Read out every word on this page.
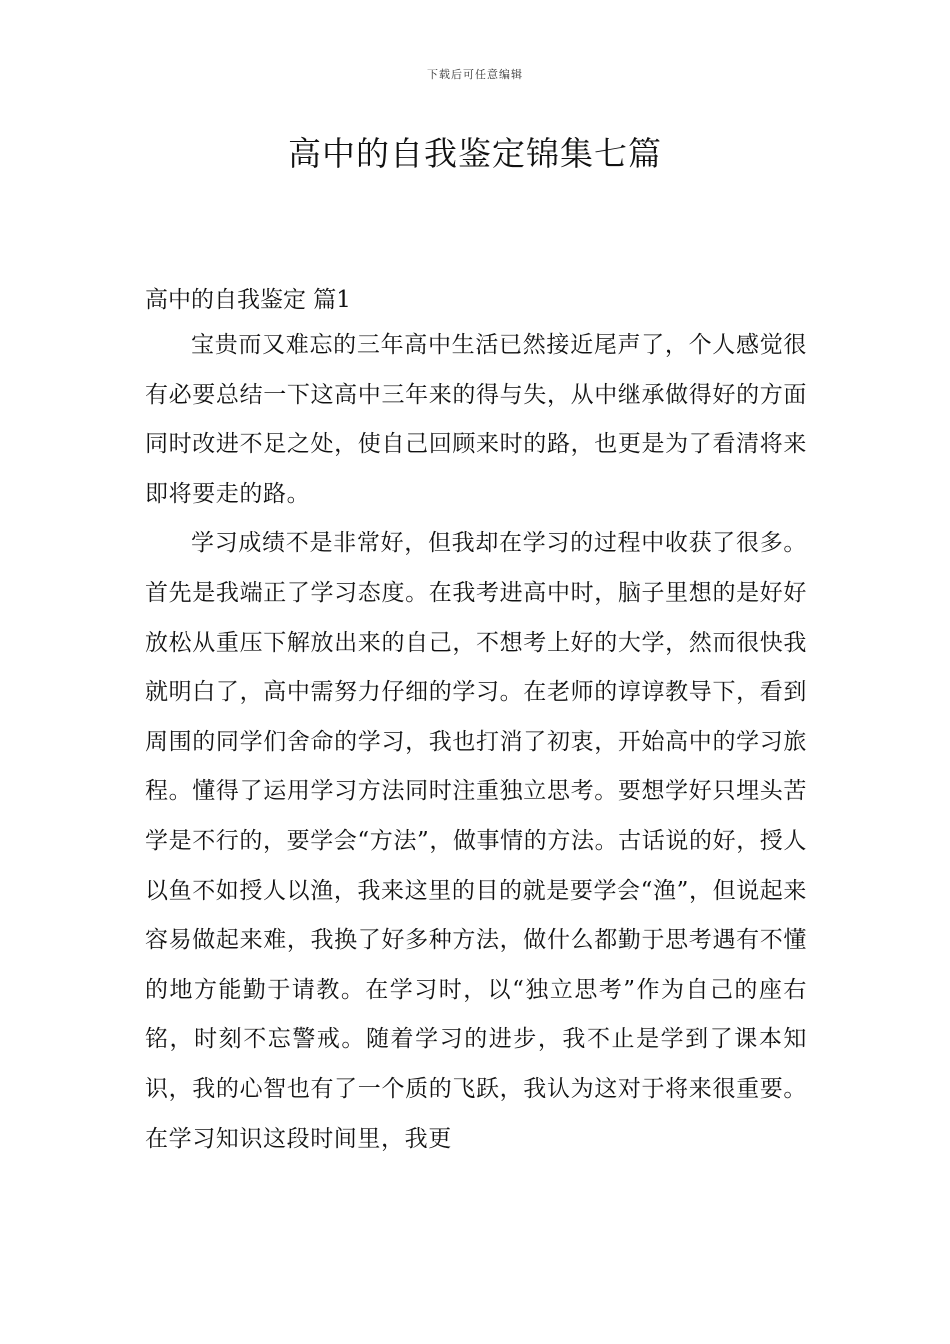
下载后可任意编辑
高中的自我鉴定锦集七篇
高中的自我鉴定 篇1

宝贵而又难忘的三年高中生活已然接近尾声了，个人感觉很有必要总结一下这高中三年来的得与失，从中继承做得好的方面同时改进不足之处，使自己回顾来时的路，也更是为了看清将来即将要走的路。

学习成绩不是非常好，但我却在学习的过程中收获了很多。首先是我端正了学习态度。在我考进高中时，脑子里想的是好好放松从重压下解放出来的自己，不想考上好的大学，然而很快我就明白了，高中需努力仔细的学习。在老师的谆谆教导下，看到周围的同学们舍命的学习，我也打消了初衷，开始高中的学习旅程。懂得了运用学习方法同时注重独立思考。要想学好只埋头苦学是不行的，要学会“方法”，做事情的方法。古话说的好，授人以鱼不如授人以渔，我来这里的目的就是要学会“渔”，但说起来容易做起来难，我换了好多种方法，做什么都勤于思考遇有不懂的地方能勤于请教。在学习时，以“独立思考”作为自己的座右铭，时刻不忘警戒。随着学习的进步，我不止是学到了课本知识，我的心智也有了一个质的飞跃，我认为这对于将来很重要。在学习知识这段时间里，我更
